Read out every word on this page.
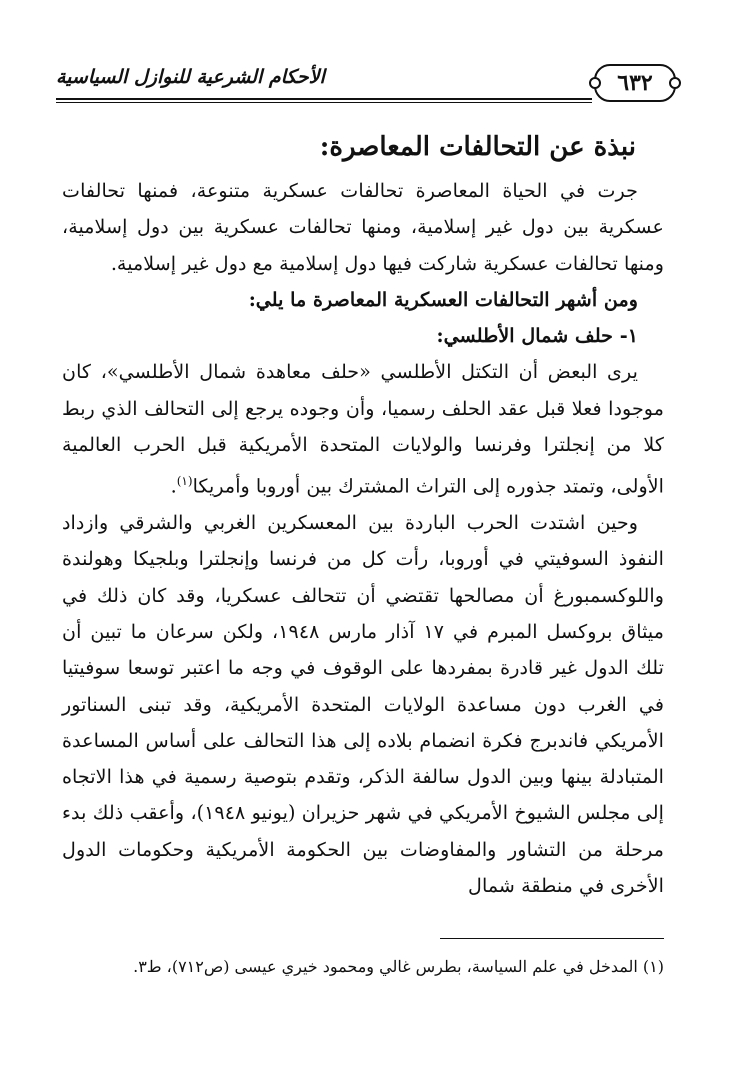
٦٣٢
الأحكام الشرعية للنوازل السياسية
نبذة عن التحالفات المعاصرة:

جرت في الحياة المعاصرة تحالفات عسكرية متنوعة، فمنها تحالفات عسكرية بين دول غير إسلامية، ومنها تحالفات عسكرية بين دول إسلامية، ومنها تحالفات عسكرية شاركت فيها دول إسلامية مع دول غير إسلامية.

ومن أشهر التحالفات العسكرية المعاصرة ما يلي:

١- حلف شمال الأطلسي:

يرى البعض أن التكتل الأطلسي «حلف معاهدة شمال الأطلسي»، كان موجودا فعلا قبل عقد الحلف رسميا، وأن وجوده يرجع إلى التحالف الذي ربط كلا من إنجلترا وفرنسا والولايات المتحدة الأمريكية قبل الحرب العالمية الأولى، وتمتد جذوره إلى التراث المشترك بين أوروبا وأمريكا$^{(١)}$.

وحين اشتدت الحرب الباردة بين المعسكرين الغربي والشرقي وازداد النفوذ السوفيتي في أوروبا، رأت كل من فرنسا وإنجلترا وبلجيكا وهولندة واللوكسمبورغ أن مصالحها تقتضي أن تتحالف عسكريا، وقد كان ذلك في ميثاق بروكسل المبرم في ١٧ آذار مارس ١٩٤٨، ولكن سرعان ما تبين أن تلك الدول غير قادرة بمفردها على الوقوف في وجه ما اعتبر توسعا سوفيتيا في الغرب دون مساعدة الولايات المتحدة الأمريكية، وقد تبنى السناتور الأمريكي فاندبرج فكرة انضمام بلاده إلى هذا التحالف على أساس المساعدة المتبادلة بينها وبين الدول سالفة الذكر، وتقدم بتوصية رسمية في هذا الاتجاه إلى مجلس الشيوخ الأمريكي في شهر حزيران (يونيو ١٩٤٨)، وأعقب ذلك بدء مرحلة من التشاور والمفاوضات بين الحكومة الأمريكية وحكومات الدول الأخرى في منطقة شمال

(١) المدخل في علم السياسة، بطرس غالي ومحمود خيري عيسى (ص٧١٢)، ط٣.
